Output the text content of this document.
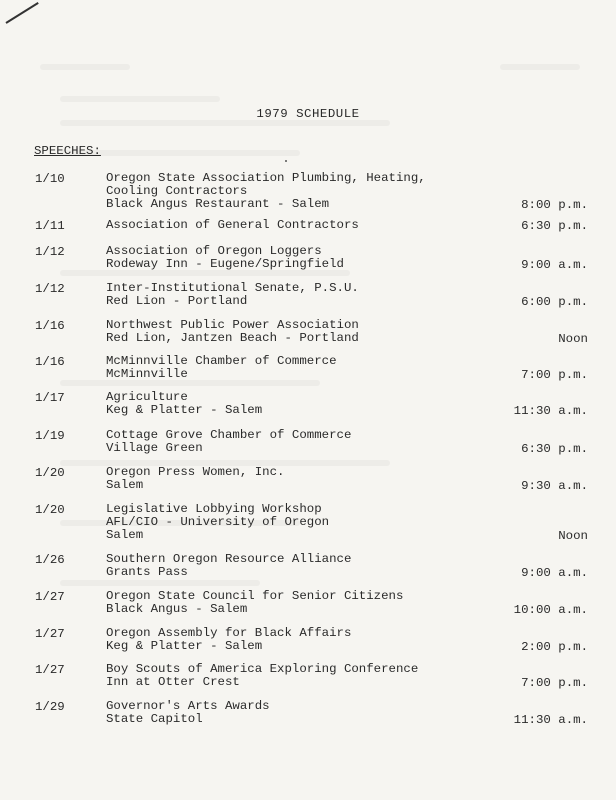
1979 SCHEDULE
SPEECHES:
1/10	Oregon State Association Plumbing, Heating,
Cooling Contractors
Black Angus Restaurant - Salem	8:00 p.m.
1/11	Association of General Contractors	6:30 p.m.
1/12	Association of Oregon Loggers
Rodeway Inn - Eugene/Springfield	9:00 a.m.
1/12	Inter-Institutional Senate, P.S.U.
Red Lion - Portland	6:00 p.m.
1/16	Northwest Public Power Association
Red Lion, Jantzen Beach - Portland	Noon
1/16	McMinnville Chamber of Commerce
McMinnville	7:00 p.m.
1/17	Agriculture
Keg & Platter - Salem	11:30 a.m.
1/19	Cottage Grove Chamber of Commerce
Village Green	6:30 p.m.
1/20	Oregon Press Women, Inc.
Salem	9:30 a.m.
1/20	Legislative Lobbying Workshop
AFL/CIO - University of Oregon
Salem	Noon
1/26	Southern Oregon Resource Alliance
Grants Pass	9:00 a.m.
1/27	Oregon State Council for Senior Citizens
Black Angus - Salem	10:00 a.m.
1/27	Oregon Assembly for Black Affairs
Keg & Platter - Salem	2:00 p.m.
1/27	Boy Scouts of America Exploring Conference
Inn at Otter Crest	7:00 p.m.
1/29	Governor's Arts Awards
State Capitol	11:30 a.m.
